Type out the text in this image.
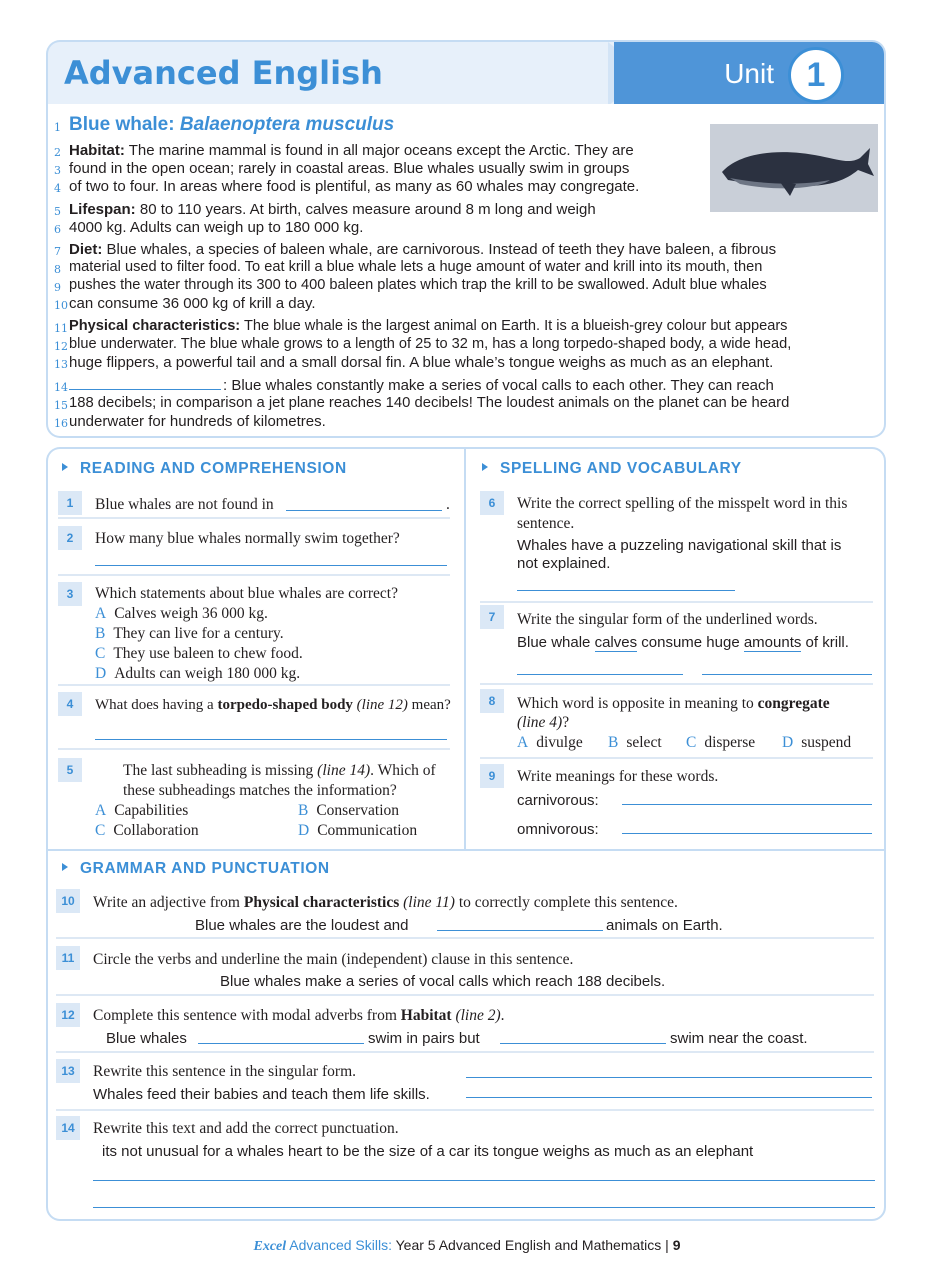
Advanced English	Unit 1
Blue whale: Balaenoptera musculus
1
2
3
4
5
6
7
8
9
10
11
12
13
14
15
16
Habitat: The marine mammal is found in all major oceans except the Arctic. They are
found in the open ocean; rarely in coastal areas. Blue whales usually swim in groups
of two to four. In areas where food is plentiful, as many as 60 whales may congregate.
Lifespan: 80 to 110 years. At birth, calves measure around 8 m long and weigh
4000 kg. Adults can weigh up to 180 000 kg.
Diet: Blue whales, a species of baleen whale, are carnivorous. Instead of teeth they have baleen, a fibrous
material used to filter food. To eat krill a blue whale lets a huge amount of water and krill into its mouth, then
pushes the water through its 300 to 400 baleen plates which trap the krill to be swallowed. Adult blue whales
can consume 36 000 kg of krill a day.
Physical characteristics: The blue whale is the largest animal on Earth. It is a blueish-grey colour but appears
blue underwater. The blue whale grows to a length of 25 to 32 m, has a long torpedo-shaped body, a wide head,
huge flippers, a powerful tail and a small dorsal fin. A blue whale’s tongue weighs as much as an elephant.
: Blue whales constantly make a series of vocal calls to each other. They can reach
188 decibels; in comparison a jet plane reaches 140 decibels! The loudest animals on the planet can be heard
underwater for hundreds of kilometres.
READING AND COMPREHENSION	SPELLING AND VOCABULARY
1	Blue whales are not found in	.
2	How many blue whales normally swim together?
3	Which statements about blue whales are correct?
A Calves weigh 36 000 kg.
B They can live for a century.
C They use baleen to chew food.
D Adults can weigh 180 000 kg.
4	What does having a torpedo-shaped body (line 12) mean?
5	The last subheading is missing (line 14). Which of
these subheadings matches the information?
A Capabilities	B Conservation
C Collaboration	D Communication
6	Write the correct spelling of the misspelt word in this
sentence.
Whales have a puzzeling navigational skill that is
not explained.
7	Write the singular form of the underlined words.
Blue whale calves consume huge amounts of krill.
8	Which word is opposite in meaning to congregate
(line 4)?
A divulge B select C disperse D suspend
9	Write meanings for these words.
carnivorous:
omnivorous:
GRAMMAR AND PUNCTUATION
10	Write an adjective from Physical characteristics (line 11) to correctly complete this sentence.
Blue whales are the loudest and	animals on Earth.
11	Circle the verbs and underline the main (independent) clause in this sentence.
Blue whales make a series of vocal calls which reach 188 decibels.
12	Complete this sentence with modal adverbs from Habitat (line 2).
Blue whales	swim in pairs but	swim near the coast.
13	Rewrite this sentence in the singular form.
Whales feed their babies and teach them life skills.
14	Rewrite this text and add the correct punctuation.
its not unusual for a whales heart to be the size of a car its tongue weighs as much as an elephant
Excel Advanced Skills: Year 5 Advanced English and Mathematics | 9
